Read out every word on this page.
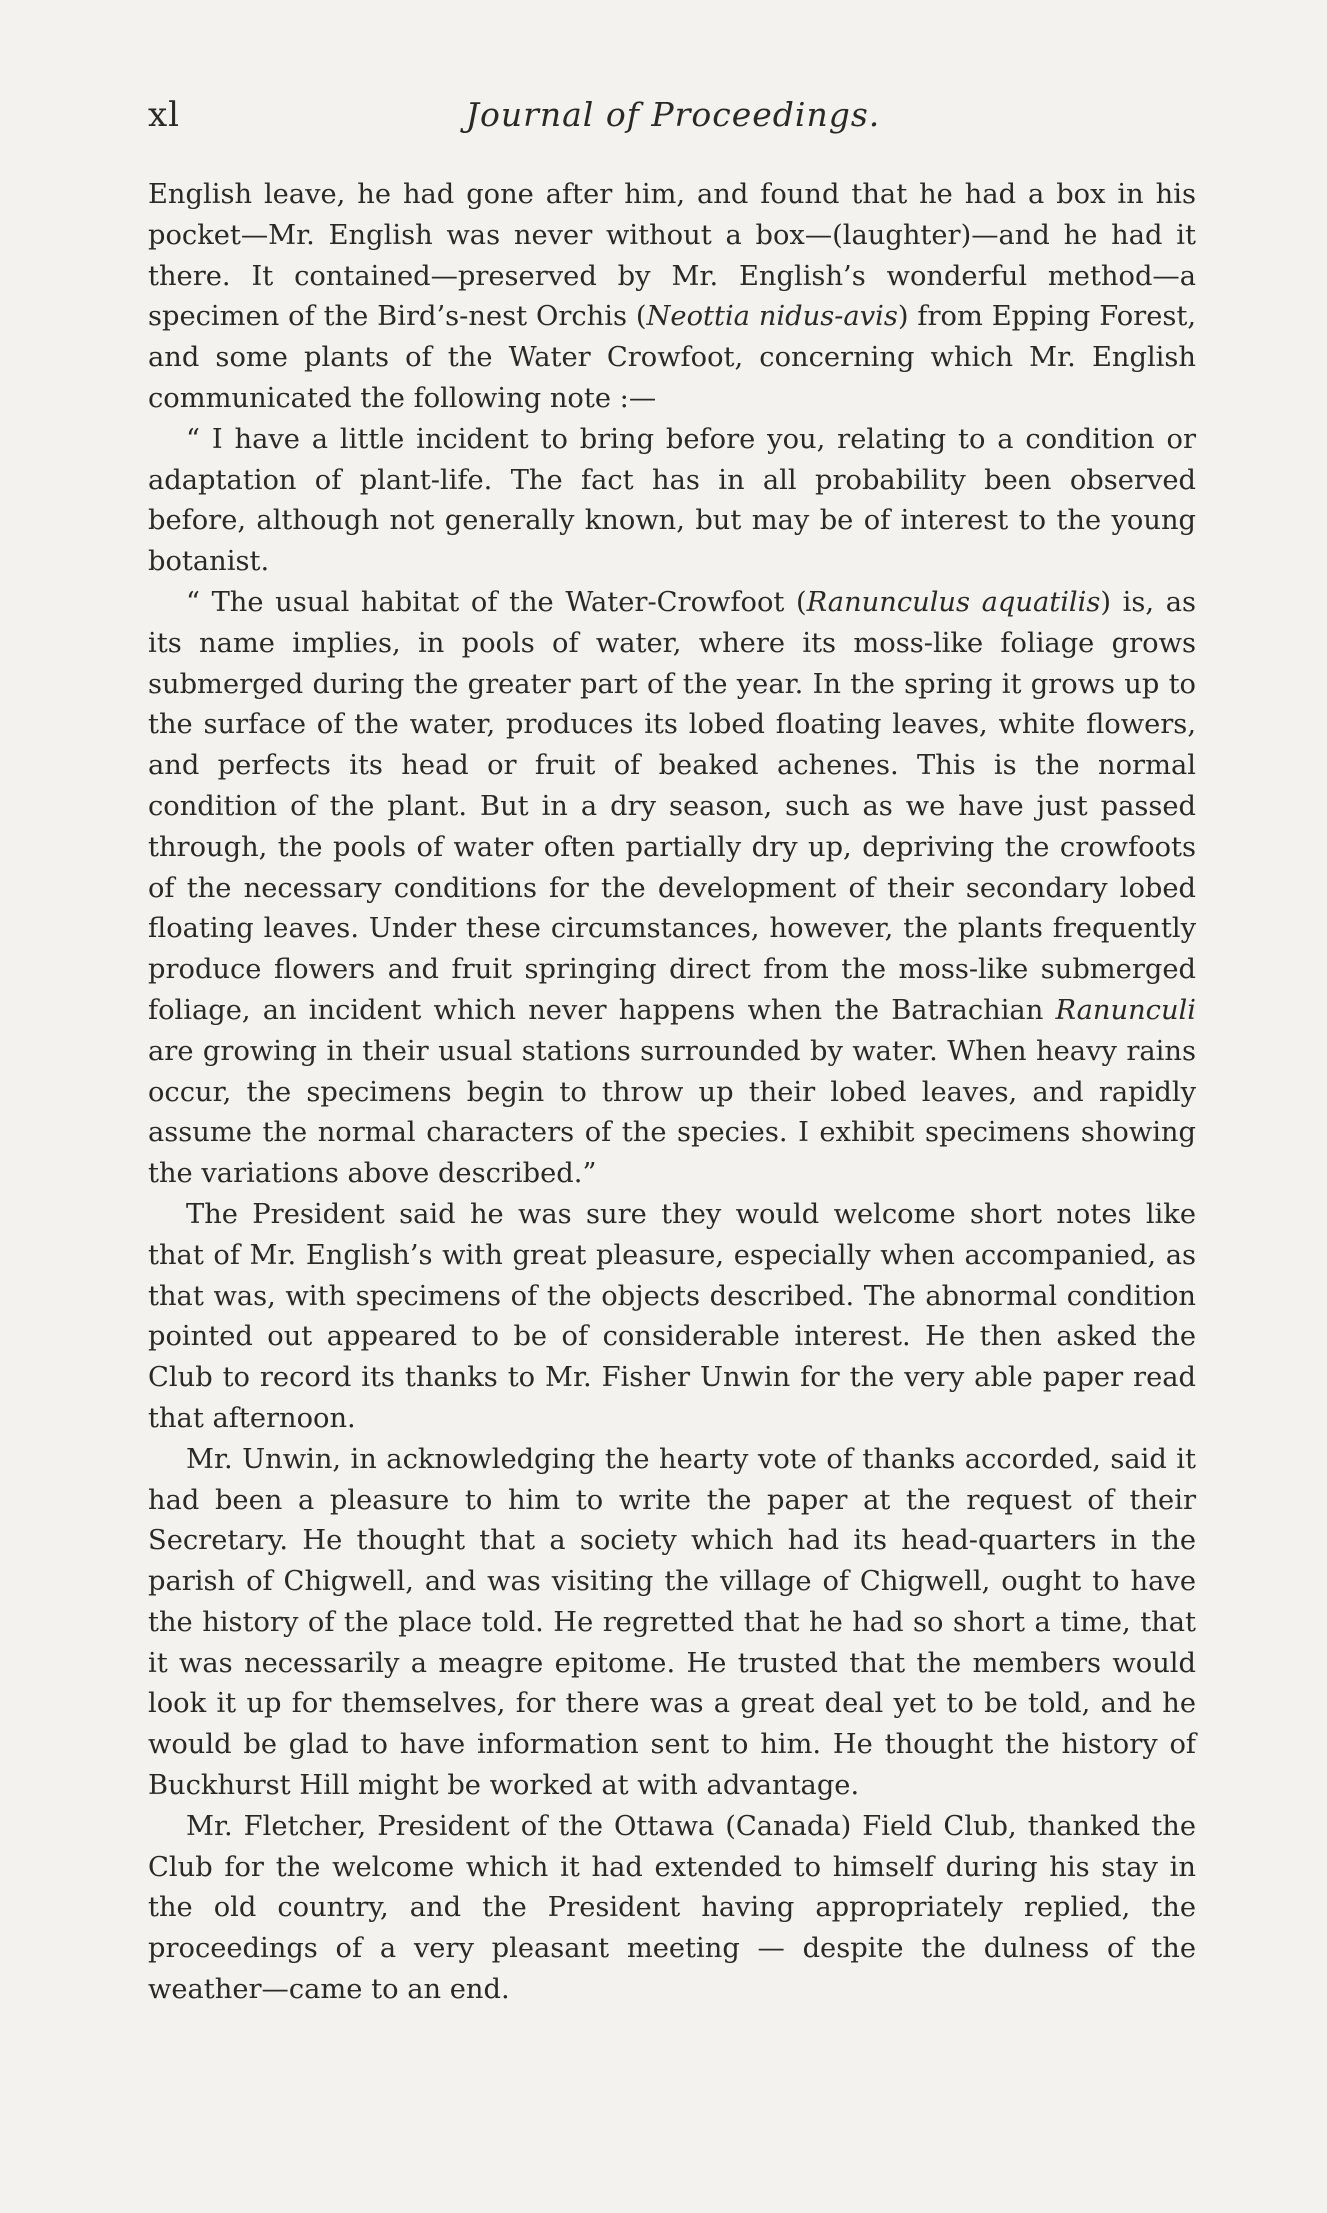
xl	Journal of Proceedings.

English leave, he had gone after him, and found that he had a box in his pocket—Mr. English was never without a box—(laughter)—and he had it there. It contained—preserved by Mr. English’s wonderful method—a specimen of the Bird’s-nest Orchis (Neottia nidus-avis) from Epping Forest, and some plants of the Water Crowfoot, concerning which Mr. English communicated the following note :—

“ I have a little incident to bring before you, relating to a condition or adaptation of plant-life. The fact has in all probability been observed before, although not generally known, but may be of interest to the young botanist.

“ The usual habitat of the Water-Crowfoot (Ranunculus aquatilis) is, as its name implies, in pools of water, where its moss-like foliage grows submerged during the greater part of the year. In the spring it grows up to the surface of the water, produces its lobed floating leaves, white flowers, and perfects its head or fruit of beaked achenes. This is the normal condition of the plant. But in a dry season, such as we have just passed through, the pools of water often partially dry up, depriving the crowfoots of the necessary conditions for the development of their secondary lobed floating leaves. Under these circumstances, however, the plants frequently produce flowers and fruit springing direct from the moss-like submerged foliage, an incident which never happens when the Batrachian Ranunculi are growing in their usual stations surrounded by water. When heavy rains occur, the specimens begin to throw up their lobed leaves, and rapidly assume the normal characters of the species. I exhibit specimens showing the variations above described.”

The President said he was sure they would welcome short notes like that of Mr. English’s with great pleasure, especially when accompanied, as that was, with specimens of the objects described. The abnormal condition pointed out appeared to be of considerable interest. He then asked the Club to record its thanks to Mr. Fisher Unwin for the very able paper read that afternoon.

Mr. Unwin, in acknowledging the hearty vote of thanks accorded, said it had been a pleasure to him to write the paper at the request of their Secretary. He thought that a society which had its head-quarters in the parish of Chigwell, and was visiting the village of Chigwell, ought to have the history of the place told. He regretted that he had so short a time, that it was necessarily a meagre epitome. He trusted that the members would look it up for themselves, for there was a great deal yet to be told, and he would be glad to have information sent to him. He thought the history of Buckhurst Hill might be worked at with advantage.

Mr. Fletcher, President of the Ottawa (Canada) Field Club, thanked the Club for the welcome which it had extended to himself during his stay in the old country, and the President having appropriately replied, the proceedings of a very pleasant meeting — despite the dulness of the weather—came to an end.
